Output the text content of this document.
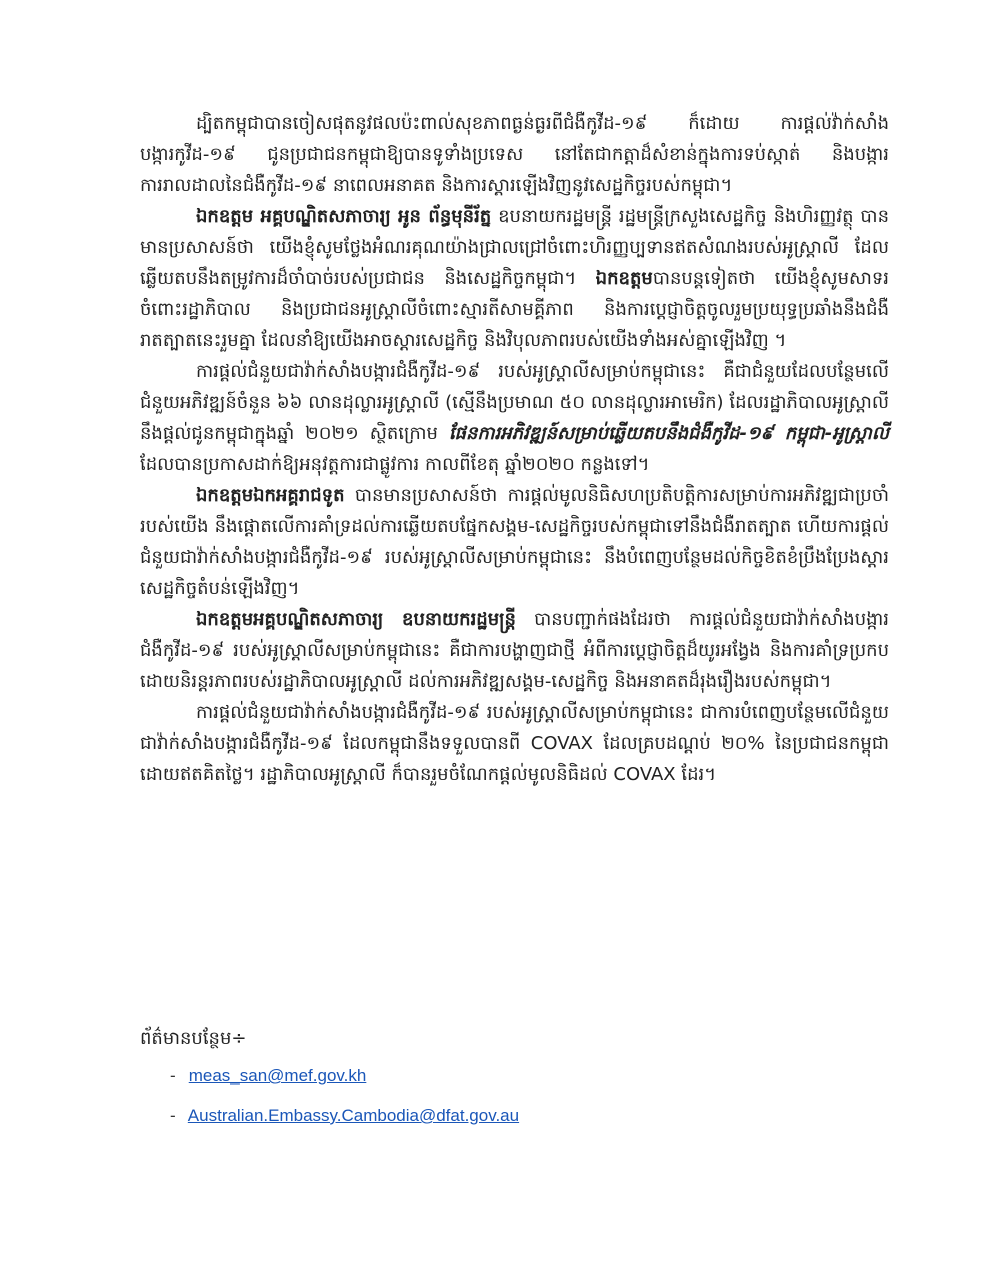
ដ្បិតកម្ពុជាបានចៀសផុតនូវផលប៉ះពាល់សុខភាពធ្ងន់ធ្ងរពីជំងឺកូវីដ-១៩ ក៏ដោយ ការផ្តល់វ៉ាក់សាំងបង្ការកូវីដ-១៩ ជូនប្រជាជនកម្ពុជាឱ្យបានទូទាំងប្រទេស នៅតែជាកត្តាដ៏សំខាន់ក្នុងការទប់ស្កាត់ និងបង្ការការរាលដាលនៃជំងឺកូវីដ-១៩ នាពេលអនាគត និងការស្តារឡើងវិញនូវសេដ្ឋកិច្ចរបស់កម្ពុជា។

ឯកឧត្តម អគ្គបណ្ឌិតសភាចារ្យ អូន ព័ន្ធមុនីរ័ត្ន ឧបនាយករដ្ឋមន្ត្រី រដ្ឋមន្ត្រីក្រសួងសេដ្ឋកិច្ច និងហិរញ្ញវត្ថុ បានមានប្រសាសន៍ថា យើងខ្ញុំសូមថ្លែងអំណរគុណយ៉ាងជ្រាលជ្រៅចំពោះហិរញ្ញប្បទានឥតសំណងរបស់អូស្ត្រាលី ដែលឆ្លើយតបនឹងតម្រូវការដ៏ចាំបាច់របស់ប្រជាជន និងសេដ្ឋកិច្ចកម្ពុជា។ ឯកឧត្តមបានបន្តទៀតថា យើងខ្ញុំសូមសាទរចំពោះរដ្ឋាភិបាល និងប្រជាជនអូស្ត្រាលីចំពោះស្មារតីសាមគ្គីភាព និងការប្តេជ្ញាចិត្តចូលរួមប្រយុទ្ធប្រឆាំងនឹងជំងឺរាតត្បាតនេះរួមគ្នា ដែលនាំឱ្យយើងអាចស្តារសេដ្ឋកិច្ច និងវិបុលភាពរបស់យើងទាំងអស់គ្នាឡើងវិញ ។

ការផ្តល់ជំនួយជាវ៉ាក់សាំងបង្ការជំងឺកូវីដ-១៩ របស់អូស្ត្រាលីសម្រាប់កម្ពុជានេះ គឺជាជំនួយដែលបន្ថែមលើជំនួយអភិវឌ្ឍន៍ចំនួន ៦៦ លានដុល្លារអូស្ត្រាលី (ស្មើនឹងប្រមាណ ៥០ លានដុល្លារអាមេរិក) ដែលរដ្ឋាភិបាលអូស្ត្រាលី នឹងផ្តល់ជូនកម្ពុជាក្នុងឆ្នាំ ២០២១ ស្ថិតក្រោម ផែនការអភិវឌ្ឍន៍សម្រាប់ឆ្លើយតបនឹងជំងឺកូវីដ-១៩ កម្ពុជា-អូស្ត្រាលី ដែលបានប្រកាសដាក់ឱ្យអនុវត្តការជាផ្លូវការ កាលពីខែតុ ឆ្នាំ២០២០ កន្លងទៅ។

ឯកឧត្តមឯកអគ្គរាជទូត បានមានប្រសាសន៍ថា ការផ្តល់មូលនិធិសហប្រតិបត្តិការសម្រាប់ការអភិវឌ្ឍជាប្រចាំរបស់យើង នឹងផ្តោតលើការគាំទ្រដល់ការឆ្លើយតបផ្នែកសង្គម-សេដ្ឋកិច្ចរបស់កម្ពុជាទៅនឹងជំងឺរាតត្បាត ហើយការផ្តល់ជំនួយជាវ៉ាក់សាំងបង្ការជំងឺកូវីដ-១៩ របស់អូស្ត្រាលីសម្រាប់កម្ពុជានេះ នឹងបំពេញបន្ថែមដល់កិច្ចខិតខំប្រឹងប្រែងស្តារសេដ្ឋកិច្ចតំបន់ឡើងវិញ។

ឯកឧត្តមអគ្គបណ្ឌិតសភាចារ្យ ឧបនាយករដ្ឋមន្ត្រី បានបញ្ជាក់ផងដែរថា ការផ្តល់ជំនួយជាវ៉ាក់សាំងបង្ការជំងឺកូវីដ-១៩ របស់អូស្ត្រាលីសម្រាប់កម្ពុជានេះ គឺជាការបង្ហាញជាថ្មី អំពីការប្តេជ្ញាចិត្តដ៏យូរអង្វែង និងការគាំទ្រប្រកបដោយនិរន្តរភាពរបស់រដ្ឋាភិបាលអូស្ត្រាលី ដល់ការអភិវឌ្ឍសង្គម-សេដ្ឋកិច្ច និងអនាគតដ៏រុងរឿងរបស់កម្ពុជា។

ការផ្តល់ជំនួយជាវ៉ាក់សាំងបង្ការជំងឺកូវីដ-១៩ របស់អូស្ត្រាលីសម្រាប់កម្ពុជានេះ ជាការបំពេញបន្ថែមលើជំនួយជាវ៉ាក់សាំងបង្ការជំងឺកូវីដ-១៩ ដែលកម្ពុជានឹងទទួលបានពី COVAX ដែលគ្របដណ្តប់ ២០% នៃប្រជាជនកម្ពុជា ដោយឥតគិតថ្លៃ។ រដ្ឋាភិបាលអូស្ត្រាលី ក៏បានរួមចំណែកផ្តល់មូលនិធិដល់ COVAX ដែរ។

ព័ត៌មានបន្ថែម÷

- meas_san@mef.gov.kh
- Australian.Embassy.Cambodia@dfat.gov.au
